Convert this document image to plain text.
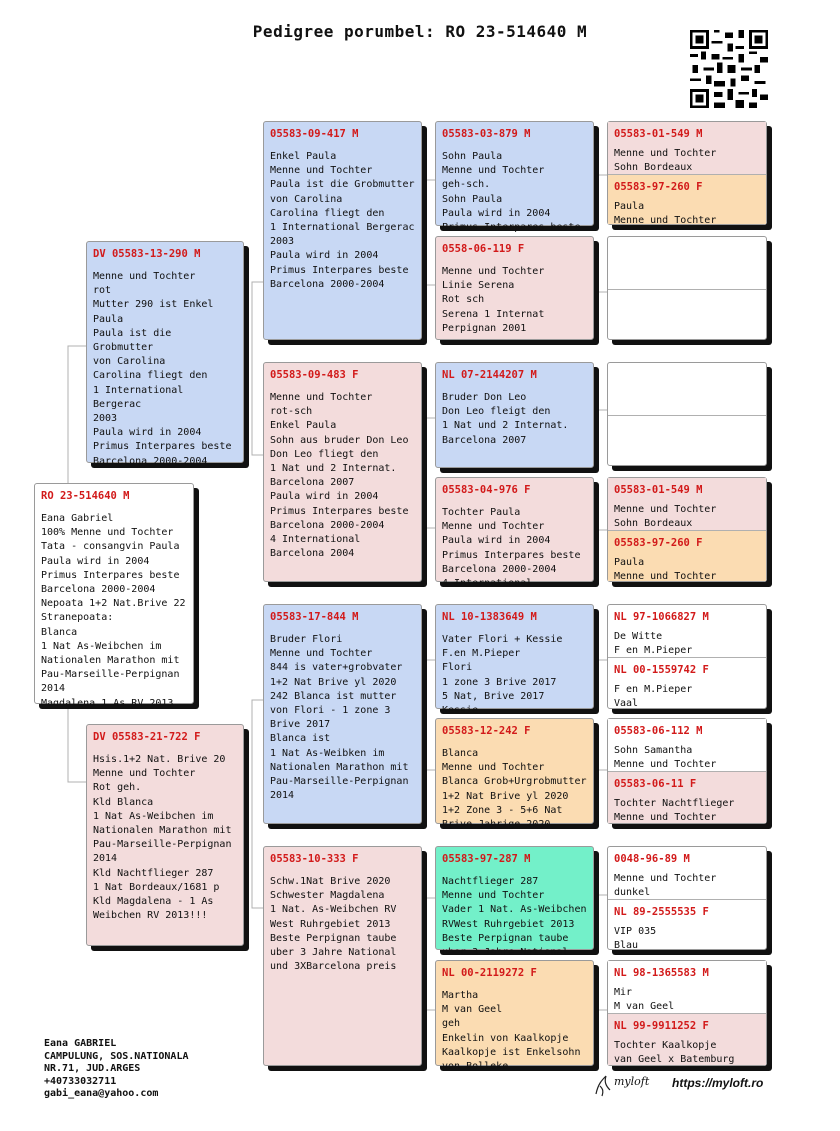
Pedigree porumbel: RO 23-514640 M
RO 23-514640 M
Eana Gabriel
100% Menne und Tochter
Tata - consangvin Paula
Paula wird in 2004
Primus Interpares beste
Barcelona 2000-2004
Nepoata 1+2 Nat.Brive 22
Stranepoata:
Blanca
1 Nat As-Weibchen im
Nationalen Marathon mit
Pau-Marseille-Perpignan
2014
Magdalena 1 As RV 2013
DV 05583-13-290 M
Menne und Tochter
rot
Mutter 290 ist Enkel
Paula
Paula ist die Grobmutter
von Carolina
Carolina fliegt den
1 International Bergerac
2003
Paula wird in 2004
Primus Interpares beste
Barcelona 2000-2004
DV 05583-21-722 F
Hsis.1+2 Nat. Brive 20
Menne und Tochter
Rot geh.
Kld Blanca
1 Nat As-Weibchen im
Nationalen Marathon mit
Pau-Marseille-Perpignan
2014
Kld Nachtflieger 287
1 Nat Bordeaux/1681 p
Kld Magdalena - 1 As
Weibchen RV 2013!!!
05583-09-417 M
Enkel Paula
Menne und Tochter
Paula ist die Grobmutter
von Carolina
Carolina fliegt den
1 International Bergerac
2003
Paula wird in 2004
Primus Interpares beste
Barcelona 2000-2004
05583-09-483 F
Menne und Tochter
rot-sch
Enkel Paula
Sohn aus bruder Don Leo
Don Leo fliegt den
1 Nat und 2 Internat.
Barcelona 2007
Paula wird in 2004
Primus Interpares beste
Barcelona 2000-2004
4 International
Barcelona 2004
05583-17-844 M
Bruder Flori
Menne und Tochter
844 is vater+grobvater
1+2 Nat Brive yl 2020
242 Blanca ist mutter
von Flori - 1 zone 3
Brive 2017
Blanca ist
1 Nat As-Weibken im
Nationalen Marathon mit
Pau-Marseille-Perpignan
2014
05583-10-333 F
Schw.1Nat Brive 2020
Schwester Magdalena
1 Nat. As-Weibchen RV
West Ruhrgebiet 2013
Beste Perpignan taube
uber 3 Jahre National
und 3XBarcelona preis
05583-03-879 M
Sohn Paula
Menne und Tochter
geh-sch.
Sohn Paula
Paula wird in 2004
Primus Interpares beste
0558-06-119 F
Menne und Tochter
Linie Serena
Rot sch
Serena 1 Internat
Perpignan 2001
NL 07-2144207 M
Bruder Don Leo
Don Leo fleigt den
1 Nat und 2 Internat.
Barcelona 2007
05583-04-976 F
Tochter Paula
Menne und Tochter
Paula wird in 2004
Primus Interpares beste
Barcelona 2000-2004
4 International
NL 10-1383649 M
Vater Flori + Kessie
F.en M.Pieper
Flori
1 zone 3 Brive 2017
5 Nat, Brive 2017
Kessie
05583-12-242 F
Blanca
Menne und Tochter
Blanca Grob+Urgrobmutter
1+2 Nat Brive yl 2020
1+2 Zone 3 - 5+6 Nat
Brive Jahrige 2020
05583-97-287 M
Nachtflieger 287
Menne und Tochter
Vader 1 Nat. As-Weibchen
RVWest Ruhrgebiet 2013
Beste Perpignan taube
uber 3 Jahre National
NL 00-2119272 F
Martha
M van Geel
geh
Enkelin von Kaalkopje
Kaalkopje ist Enkelsohn
von Bolleke
05583-01-549 M
Menne und Tochter
Sohn Bordeaux
05583-97-260 F
Paula
Menne und Tochter
05583-01-549 M
Menne und Tochter
Sohn Bordeaux
05583-97-260 F
Paula
Menne und Tochter
NL 97-1066827 M
De Witte
F en M.Pieper
NL 00-1559742 F
F en M.Pieper
Vaal
05583-06-112 M
Sohn Samantha
Menne und Tochter
05583-06-11 F
Tochter Nachtflieger
Menne und Tochter
0048-96-89 M
Menne und Tochter
dunkel
NL 89-2555535 F
VIP 035
Blau
NL 98-1365583 M
Mir
M van Geel
NL 99-9911252 F
Tochter Kaalkopje
van Geel x Batemburg
Eana GABRIEL
CAMPULUNG, SOS.NATIONALA
NR.71, JUD.ARGES
+40733032711
gabi_eana@yahoo.com
myloft https://myloft.ro
